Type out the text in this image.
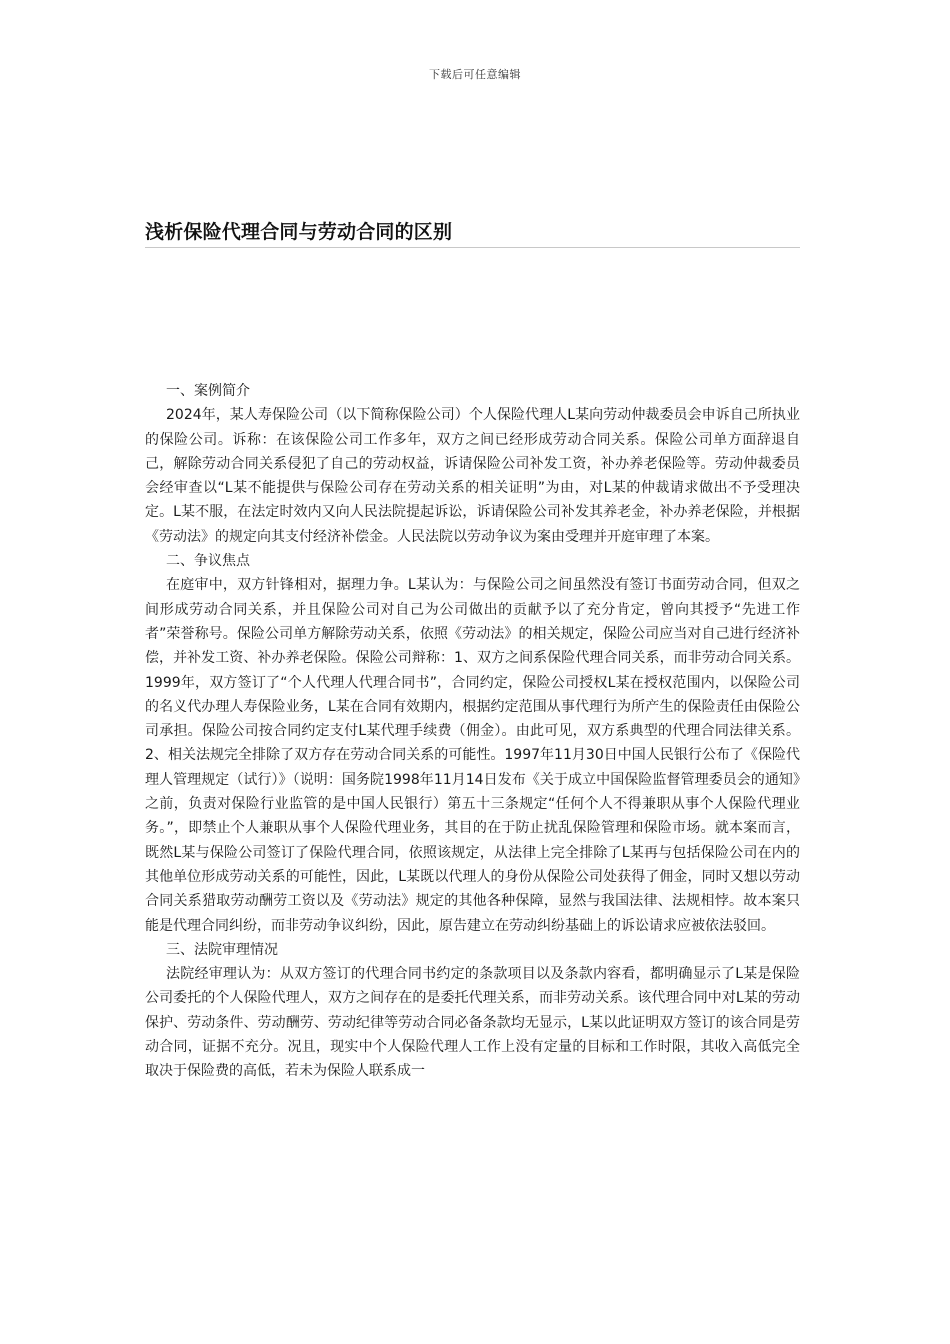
下载后可任意编辑
浅析保险代理合同与劳动合同的区别

一、案例简介

2024年，某人寿保险公司（以下简称保险公司）个人保险代理人L某向劳动仲裁委员会申诉自己所执业的保险公司。诉称：在该保险公司工作多年，双方之间已经形成劳动合同关系。保险公司单方面辞退自己，解除劳动合同关系侵犯了自己的劳动权益，诉请保险公司补发工资，补办养老保险等。劳动仲裁委员会经审查以“L某不能提供与保险公司存在劳动关系的相关证明”为由，对L某的仲裁请求做出不予受理决定。L某不服，在法定时效内又向人民法院提起诉讼，诉请保险公司补发其养老金，补办养老保险，并根据《劳动法》的规定向其支付经济补偿金。人民法院以劳动争议为案由受理并开庭审理了本案。

二、争议焦点

在庭审中，双方针锋相对，据理力争。L某认为：与保险公司之间虽然没有签订书面劳动合同，但双之间形成劳动合同关系，并且保险公司对自己为公司做出的贡献予以了充分肯定，曾向其授予“先进工作者”荣誉称号。保险公司单方解除劳动关系，依照《劳动法》的相关规定，保险公司应当对自己进行经济补偿，并补发工资、补办养老保险。保险公司辩称：1、双方之间系保险代理合同关系，而非劳动合同关系。1999年，双方签订了“个人代理人代理合同书”，合同约定，保险公司授权L某在授权范围内，以保险公司的名义代办理人寿保险业务，L某在合同有效期内，根据约定范围从事代理行为所产生的保险责任由保险公司承担。保险公司按合同约定支付L某代理手续费（佣金）。由此可见，双方系典型的代理合同法律关系。2、相关法规完全排除了双方存在劳动合同关系的可能性。1997年11月30日中国人民银行公布了《保险代理人管理规定（试行）》（说明：国务院1998年11月14日发布《关于成立中国保险监督管理委员会的通知》之前，负责对保险行业监管的是中国人民银行）第五十三条规定“任何个人不得兼职从事个人保险代理业务。”，即禁止个人兼职从事个人保险代理业务，其目的在于防止扰乱保险管理和保险市场。就本案而言，既然L某与保险公司签订了保险代理合同，依照该规定，从法律上完全排除了L某再与包括保险公司在内的其他单位形成劳动关系的可能性，因此，L某既以代理人的身份从保险公司处获得了佣金，同时又想以劳动合同关系猎取劳动酬劳工资以及《劳动法》规定的其他各种保障，显然与我国法律、法规相悖。故本案只能是代理合同纠纷，而非劳动争议纠纷，因此，原告建立在劳动纠纷基础上的诉讼请求应被依法驳回。

三、法院审理情况

法院经审理认为：从双方签订的代理合同书约定的条款项目以及条款内容看，都明确显示了L某是保险公司委托的个人保险代理人，双方之间存在的是委托代理关系，而非劳动关系。该代理合同中对L某的劳动保护、劳动条件、劳动酬劳、劳动纪律等劳动合同必备条款均无显示，L某以此证明双方签订的该合同是劳动合同，证据不充分。况且，现实中个人保险代理人工作上没有定量的目标和工作时限，其收入高低完全取决于保险费的高低，若未为保险人联系成一
